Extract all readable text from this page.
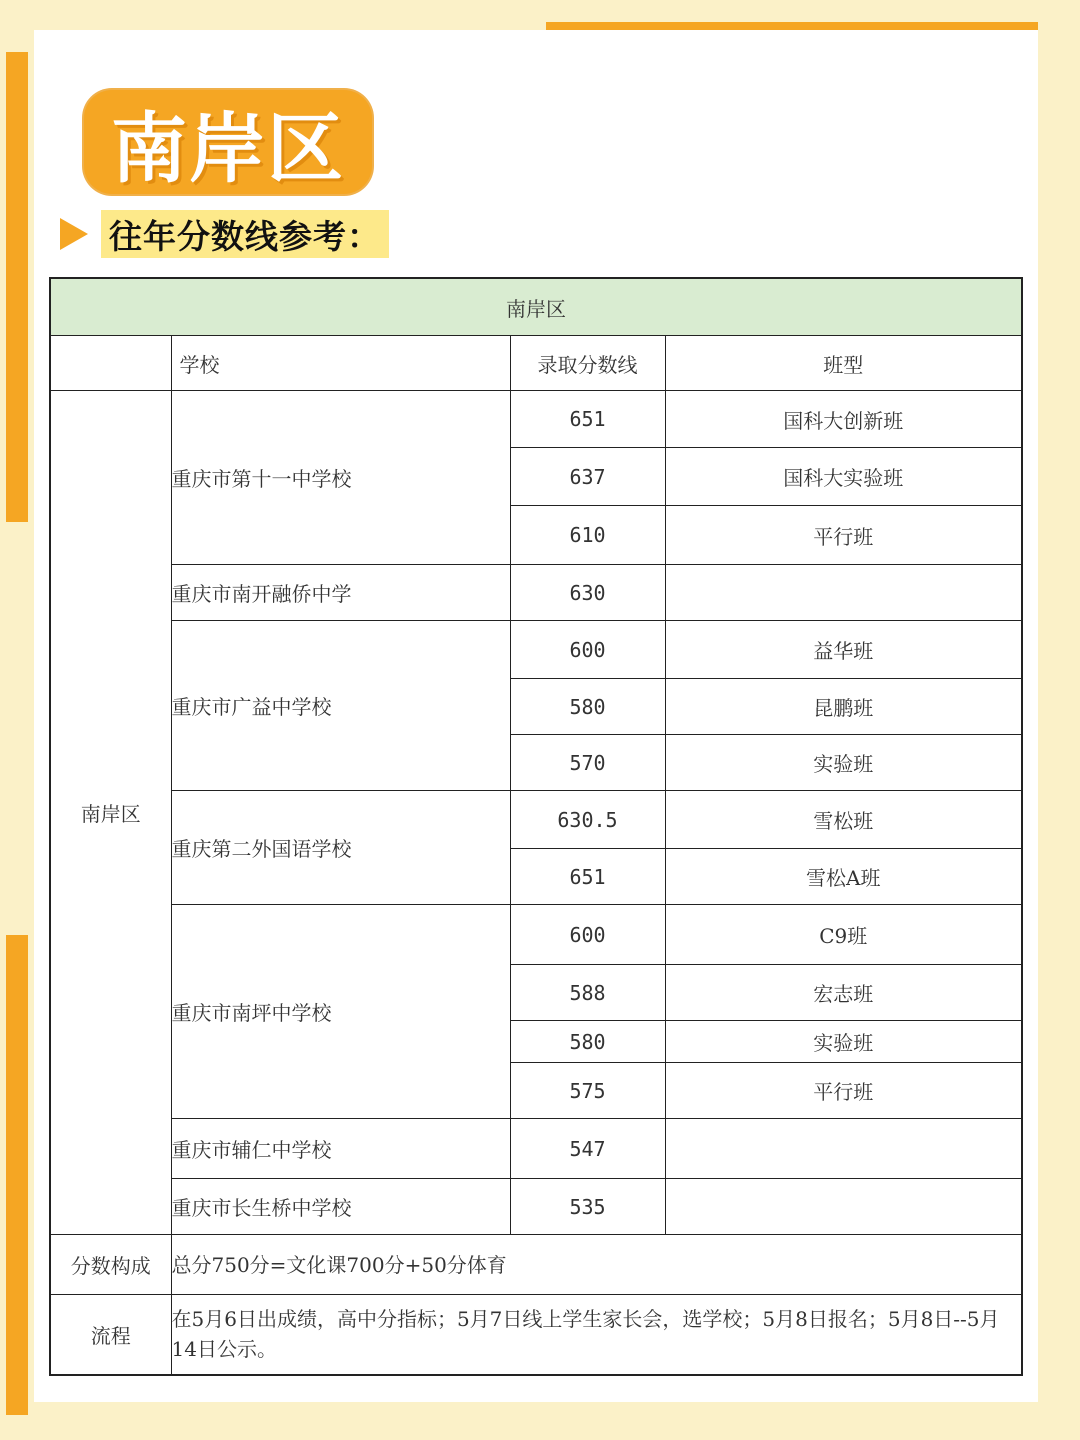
南岸区
往年分数线参考：
南岸区			
	学校	录取分数线	班型
南岸区	重庆市第十一中学校	651	国科大创新班
		637	国科大实验班
		610	平行班
	重庆市南开融侨中学	630	
	重庆市广益中学校	600	益华班
		580	昆鹏班
		570	实验班
	重庆第二外国语学校	630.5	雪松班
		651	雪松A班
	重庆市南坪中学校	600	C9班
		588	宏志班
		580	实验班
		575	平行班
	重庆市辅仁中学校	547	
	重庆市长生桥中学校	535	
分数构成	总分750分=文化课700分+50分体育		
流程	在5月6日出成绩，高中分指标；5月7日线上学生家长会，选学校；5月8日报名；5月8日--5月14日公示。		
